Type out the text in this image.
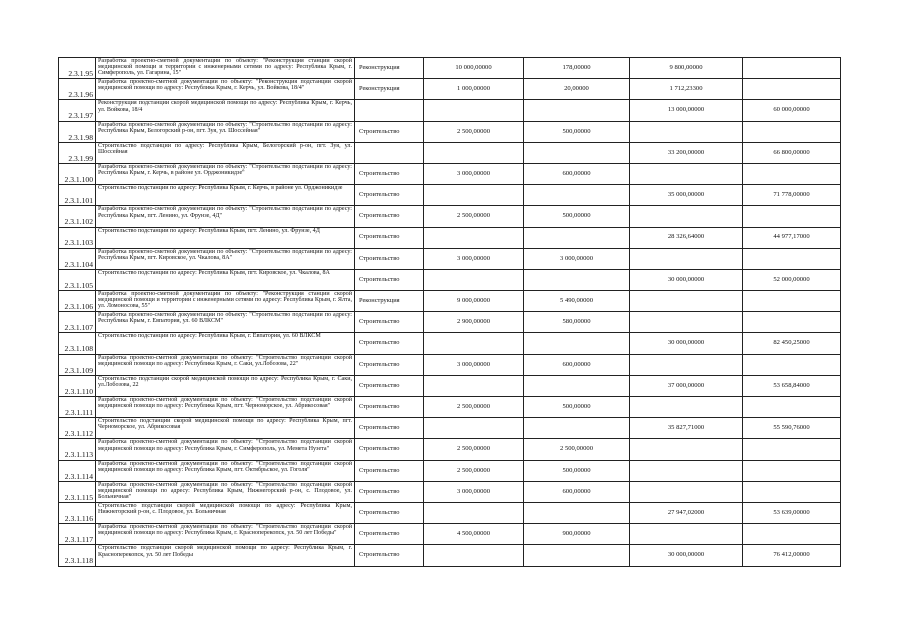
2.3.1.95	Разработка проектно-сметной документации по объекту: "Реконструкция станции скорой медицинской помощи и территории с инженерными сетями по адресу: Республика Крым, г. Симферополь, ул. Гагарина, 15"	Реконструкция	10 000,00000	178,00000	9 800,00000	
2.3.1.96	Разработка проектно-сметной документации по объекту: "Реконструкция подстанции скорой медицинской помощи по адресу: Республика Крым, г. Керчь, ул. Войкова, 18/4"	Реконструкция	1 000,00000	20,00000	1 712,23300	
2.3.1.97	Реконструкция подстанции скорой медицинской помощи по адресу: Республика Крым, г. Керчь, ул. Войкова, 18/4				13 000,00000	60 000,00000
2.3.1.98	Разработка проектно-сметной документации по объекту: "Строительство подстанции по адресу: Республика Крым, Белогорский р-он, пгт. Зуя, ул. Шоссейная"	Строительство	2 500,00000	500,00000		
2.3.1.99	Строительство подстанции по адресу: Республика Крым, Белогорский р-он, пгт. Зуя, ул. Шоссейная				33 200,00000	66 800,00000
2.3.1.100	Разработка проектно-сметной документации по объекту: "Строительство подстанции по адресу: Республика Крым, г. Керчь, в районе ул. Орджоникидзе"	Строительство	3 000,00000	600,00000		
2.3.1.101	Строительство подстанции по адресу: Республика Крым, г. Керчь, в районе ул. Орджоникидзе	Строительство			35 000,00000	71 778,00000
2.3.1.102	Разработка проектно-сметной документации по объекту: "Строительство подстанции по адресу: Республика Крым, пгт. Ленино, ул. Фрунзе, 4Д"	Строительство	2 500,00000	500,00000		
2.3.1.103	Строительство подстанции по адресу: Республика Крым, пгт. Ленино, ул. Фрунзе, 4Д	Строительство			28 326,64000	44 977,17000
2.3.1.104	Разработка проектно-сметной документации по объекту: "Строительство подстанции по адресу: Республика Крым, пгт. Кировское, ул. Чкалова, 8А"	Строительство	3 000,00000	3 000,00000		
2.3.1.105	Строительство подстанции по адресу: Республика Крым, пгт. Кировское, ул. Чкалова, 8А	Строительство			30 000,00000	52 000,00000
2.3.1.106	Разработка проектно-сметной документации по объекту: "Реконструкция станции скорой медицинской помощи и территории с инженерными сетями по адресу: Республика Крым, г. Ялта, ул. Ломоносова, 55"	Реконструкция	9 000,00000	5 490,00000		
2.3.1.107	Разработка проектно-сметной документации по объекту: "Строительство подстанции по адресу: Республика Крым, г. Евпатория, ул. 60 ВЛКСМ"	Строительство	2 900,00000	580,00000		
2.3.1.108	Строительство подстанции по адресу: Республика Крым, г. Евпатория, ул. 60 ВЛКСМ	Строительство			30 000,00000	82 450,25000
2.3.1.109	Разработка проектно-сметной документации по объекту: "Строительство подстанции скорой медицинской помощи по адресу: Республика Крым, г. Саки, ул.Лобозова, 22"	Строительство	3 000,00000	600,00000		
2.3.1.110	Строительство подстанции скорой медицинской помощи по адресу: Республика Крым, г. Саки, ул.Лобозова, 22	Строительство			37 000,00000	53 658,84000
2.3.1.111	Разработка проектно-сметной документации по объекту: "Строительство подстанции скорой медицинской помощи по адресу: Республика Крым, пгт. Черноморское, ул. Абрикосовая"	Строительство	2 500,00000	500,00000		
2.3.1.112	Строительство подстанции скорой медицинской помощи по адресу: Республика Крым, пгт. Черноморское, ул. Абрикосовая	Строительство			35 827,71000	55 590,76000
2.3.1.113	Разработка проектно-сметной документации по объекту: "Строительство подстанции скорой медицинской помощи по адресу: Республика Крым, г. Симферополь, ул. Мемета Нузета"	Строительство	2 500,00000	2 500,00000		
2.3.1.114	Разработка проектно-сметной документации по объекту: "Строительство подстанции скорой медицинской помощи по адресу: Республика Крым, пгт. Октябрьское, ул. Гоголя"	Строительство	2 500,00000	500,00000		
2.3.1.115	Разработка проектно-сметной документации по объекту: "Строительство подстанции скорой медицинской помощи по адресу: Республика Крым, Нижнегорский р-он, с. Плодовое, ул. Больничная"	Строительство	3 000,00000	600,00000		
2.3.1.116	Строительство подстанции скорой медицинской помощи по адресу: Республика Крым, Нижнегорский р-он, с. Плодовое, ул. Больничная	Строительство			27 947,02000	53 639,00000
2.3.1.117	Разработка проектно-сметной документации по объекту: "Строительство подстанции скорой медицинской помощи по адресу: Республика Крым, г. Красноперекопск, ул. 50 лет Победы"	Строительство	4 500,00000	900,00000		
2.3.1.118	Строительство подстанции скорой медицинской помощи по адресу: Республика Крым, г. Красноперекопск, ул. 50 лет Победы	Строительство			30 000,00000	76 412,00000
